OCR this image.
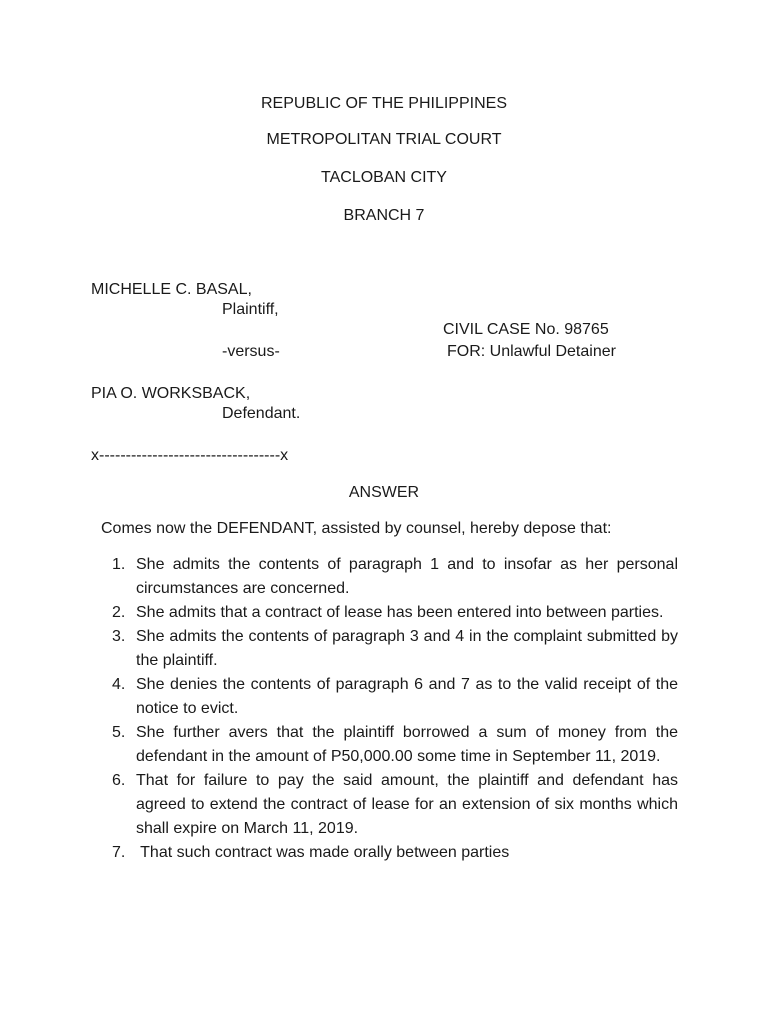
REPUBLIC OF THE PHILIPPINES
METROPOLITAN TRIAL COURT
TACLOBAN CITY
BRANCH 7
MICHELLE C. BASAL,
Plaintiff,
CIVIL CASE No. 98765
-versus-	FOR: Unlawful Detainer
PIA O. WORKSBACK,
Defendant.
x----------------------------------x
ANSWER
Comes now the DEFENDANT, assisted by counsel, hereby depose that:
1. She admits the contents of paragraph 1 and to insofar as her personal circumstances are concerned.
2. She admits that a contract of lease has been entered into between parties.
3. She admits the contents of paragraph 3 and 4 in the complaint submitted by the plaintiff.
4. She denies the contents of paragraph 6 and 7 as to the valid receipt of the notice to evict.
5. She further avers that the plaintiff borrowed a sum of money from the defendant in the amount of P50,000.00 some time in September 11, 2019.
6. That for failure to pay the said amount, the plaintiff and defendant has agreed to extend the contract of lease for an extension of six months which shall expire on March 11, 2019.
7. That such contract was made orally between parties
